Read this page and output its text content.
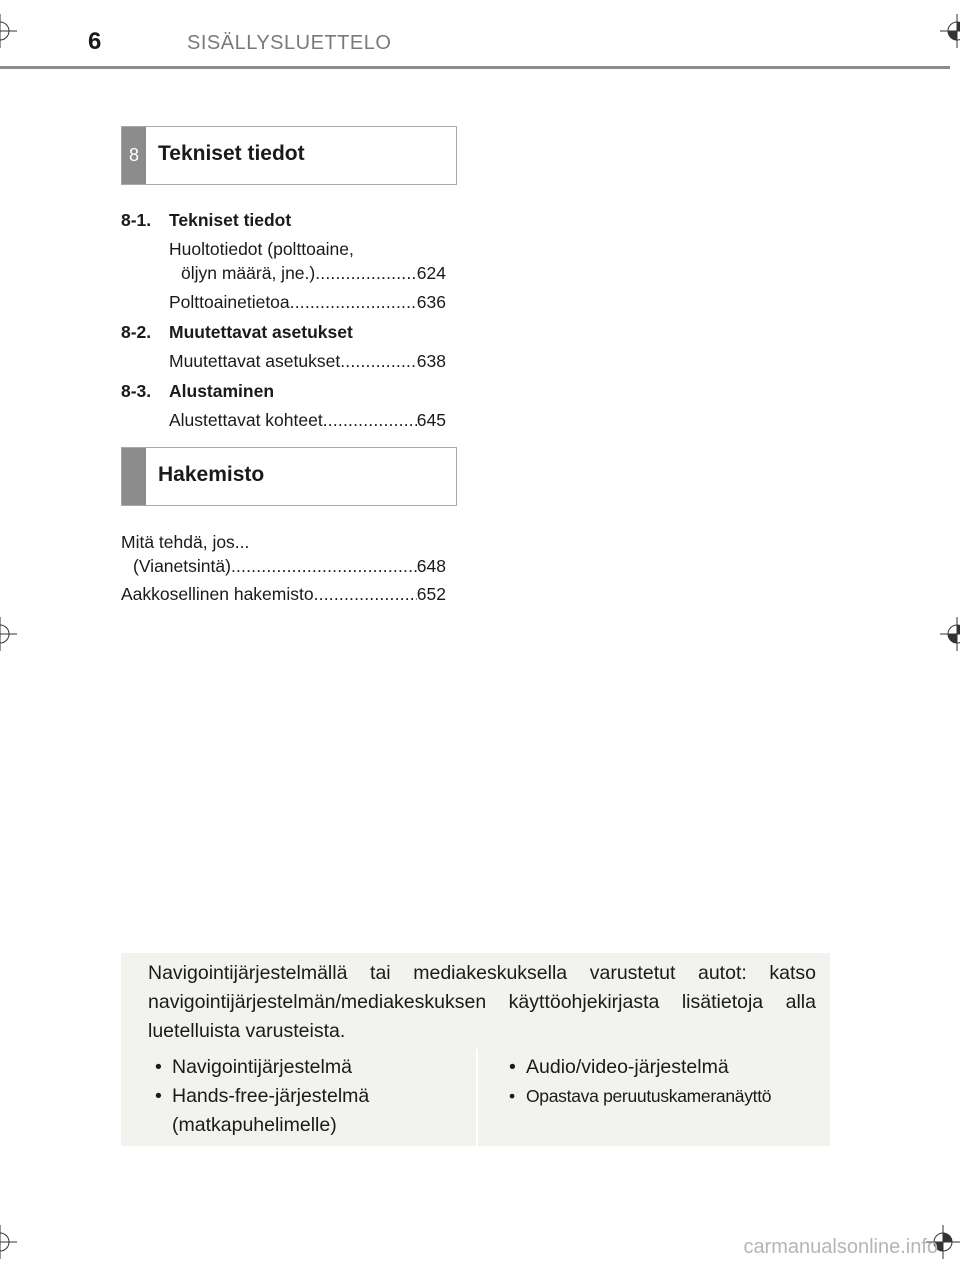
6	SISÄLLYSLUETTELO
8 Tekniset tiedot
8-1. Tekniset tiedot
Huoltotiedot (polttoaine,
öljyn määrä, jne.) .....	624
Polttoainetietoa .....	636
8-2. Muutettavat asetukset
Muutettavat asetukset .....	638
8-3. Alustaminen
Alustettavat kohteet .....	645
Hakemisto
Mitä tehdä, jos...
(Vianetsintä) .....	648
Aakkosellinen hakemisto .....	652
Navigointijärjestelmällä tai mediakeskuksella varustetut autot: katso navigointijärjestelmän/mediakeskuksen käyttöohjekirjasta lisätietoja alla luetelluista varusteista.
• Navigointijärjestelmä
• Hands-free-järjestelmä
(matkapuhelimelle)
• Audio/video-järjestelmä
• Opastava peruutuskameranäyttö
carmanualsonline.info
